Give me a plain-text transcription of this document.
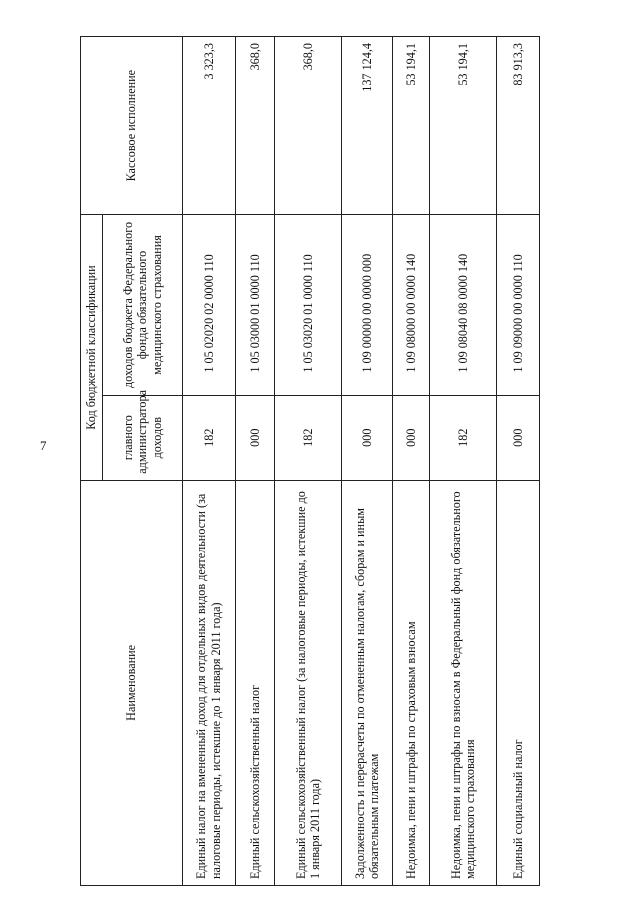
7
Наименование	Код бюджетной классификации		Кассовое исполнение
	главного администратора доходов	доходов бюджета Федерального фонда обязательного медицинского страхования	
Единый налог на вмененный доход для отдельных видов деятельности (за налоговые периоды, истекшие до 1 января 2011 года)	182	1 05 02020 02 0000 110	3 323,3
Единый сельскохозяйственный налог	000	1 05 03000 01 0000 110	368,0
Единый сельскохозяйственный налог (за налоговые периоды, истекшие до 1 января 2011 года)	182	1 05 03020 01 0000 110	368,0
Задолженность и перерасчеты по отмененным налогам, сборам и иным обязательным платежам	000	1 09 00000 00 0000 000	137 124,4
Недоимка, пени и штрафы по страховым взносам	000	1 09 08000 00 0000 140	53 194,1
Недоимка, пени и штрафы по взносам в Федеральный фонд обязательного медицинского страхования	182	1 09 08040 08 0000 140	53 194,1
Единый социальный налог	000	1 09 09000 00 0000 110	83 913,3
